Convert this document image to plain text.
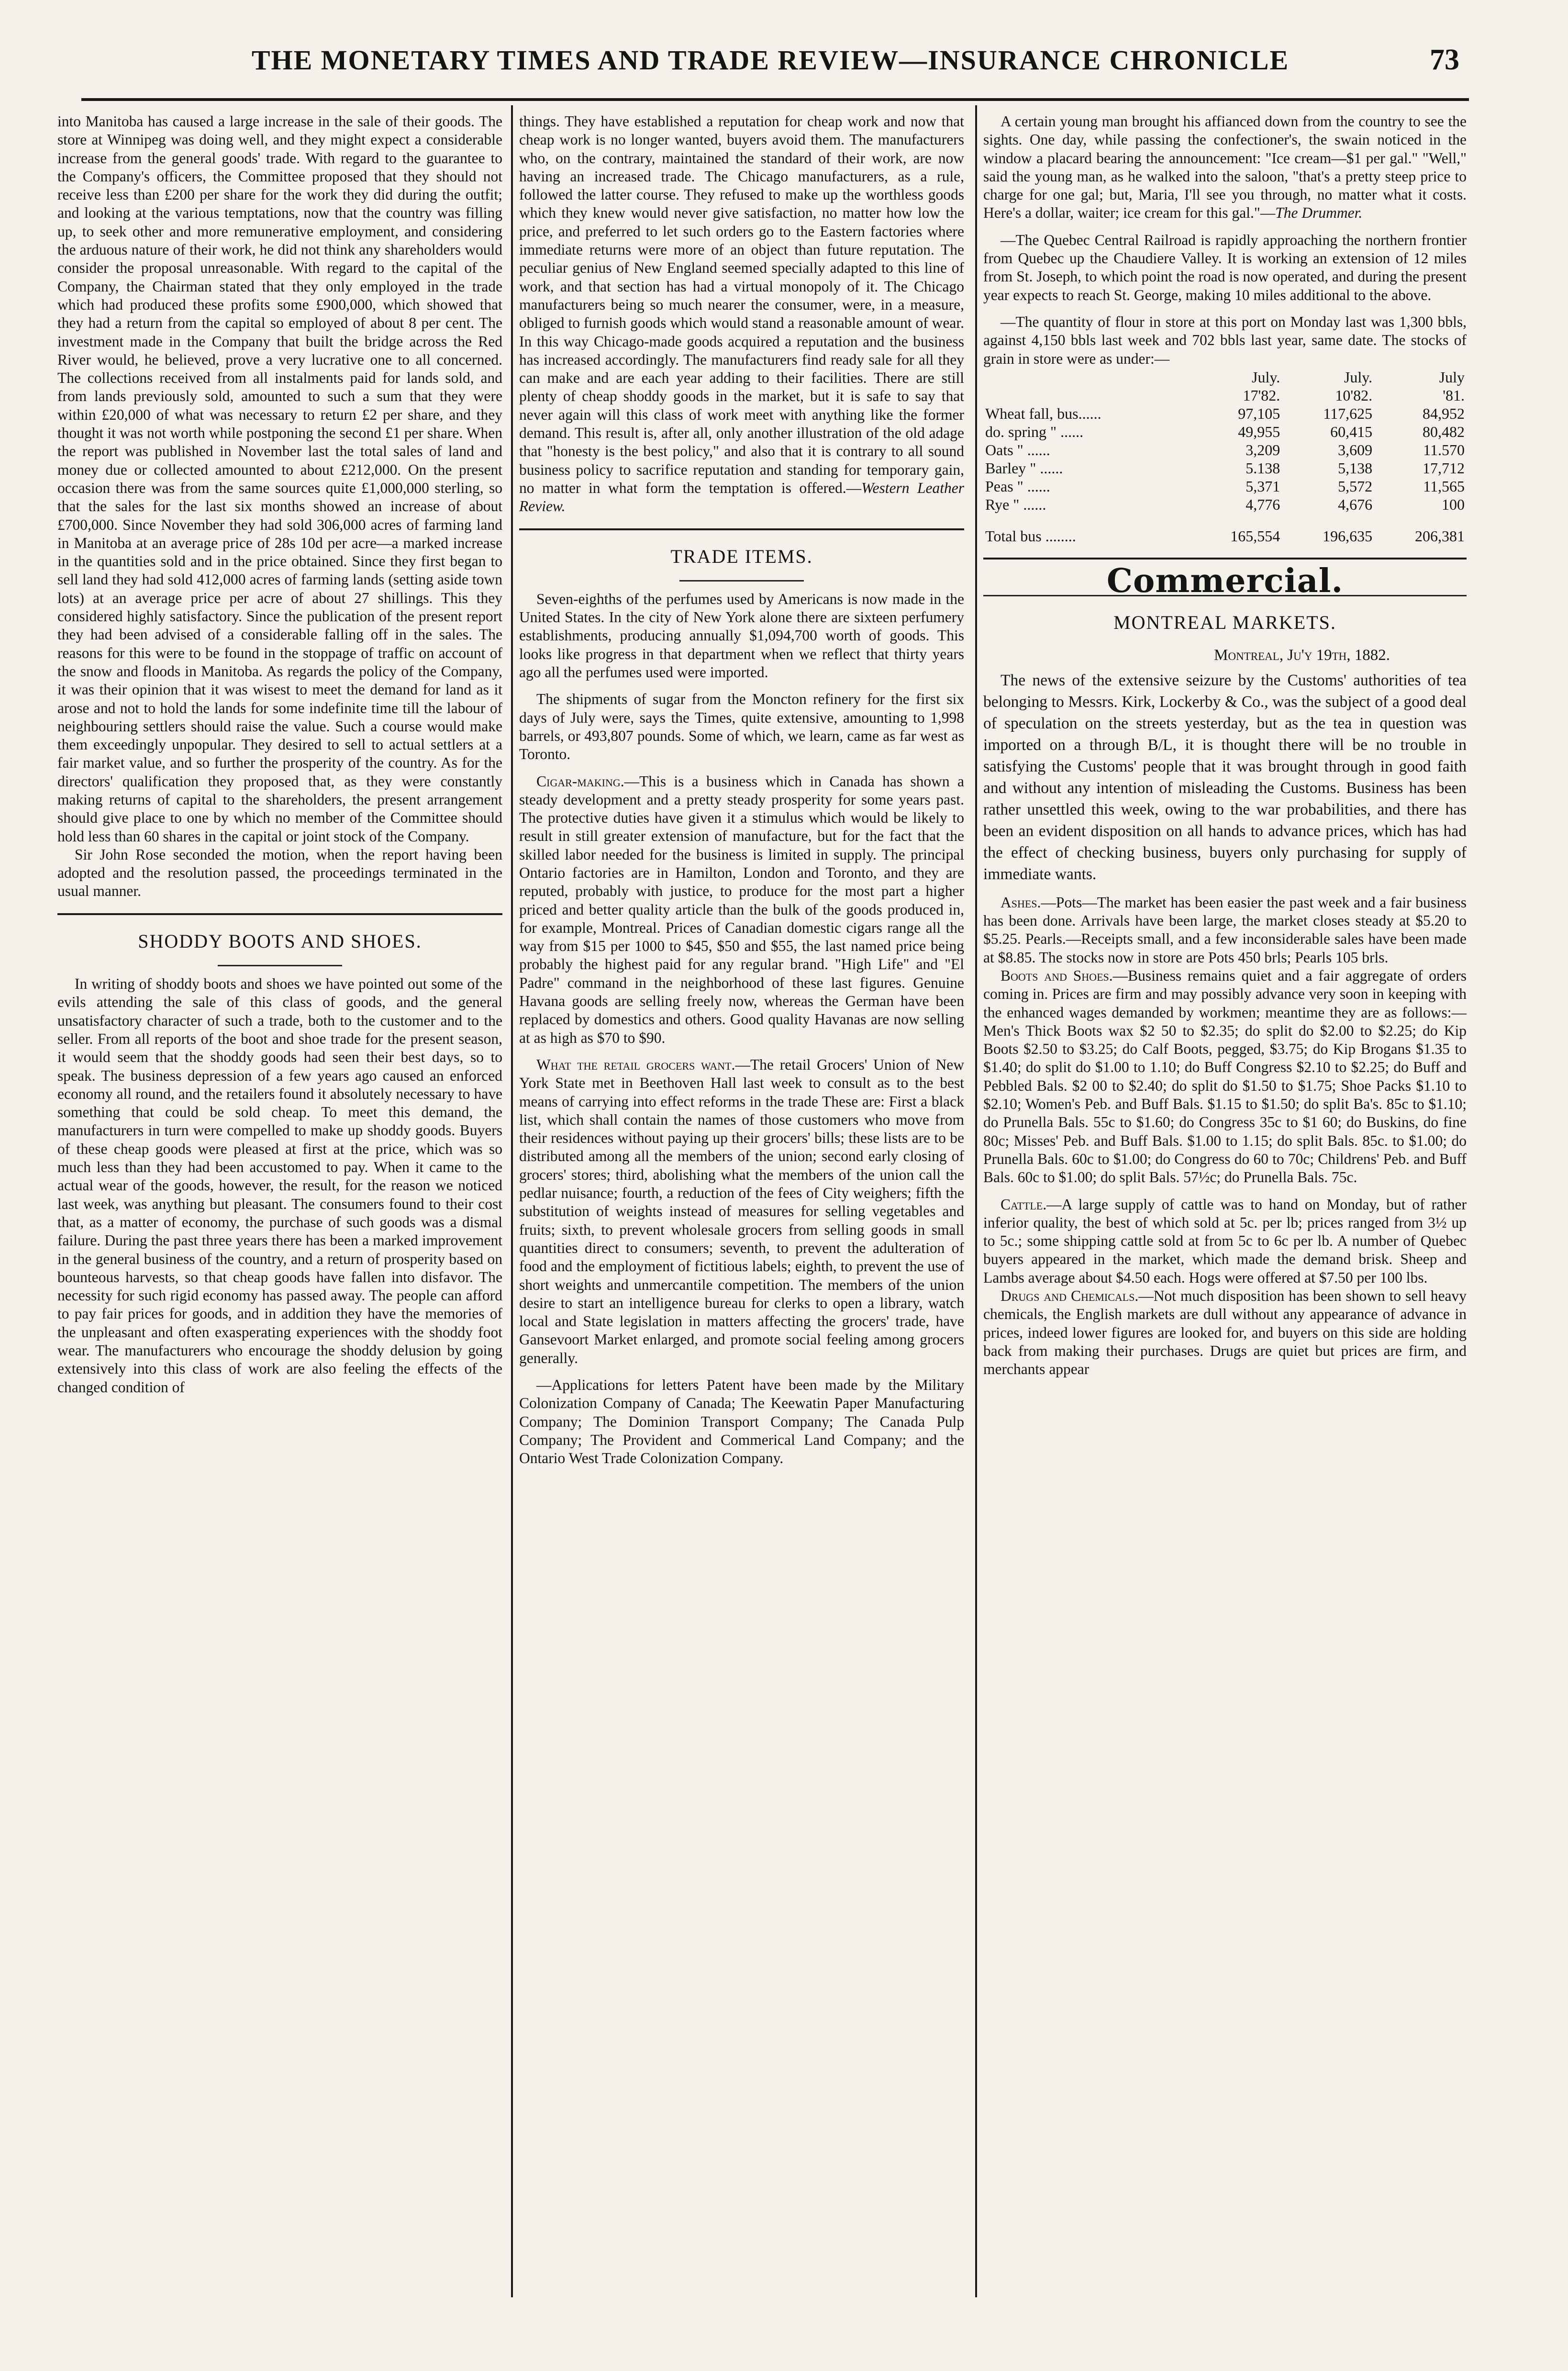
THE MONETARY TIMES AND TRADE REVIEW—INSURANCE CHRONICLE	73

into Manitoba has caused a large increase in the sale of their goods. The store at Winnipeg was doing well, and they might expect a considerable increase from the general goods' trade. With regard to the guarantee to the Company's officers, the Committee proposed that they should not receive less than £200 per share for the work they did during the outfit; and looking at the various temptations, now that the country was filling up, to seek other and more remunerative employment, and considering the arduous nature of their work, he did not think any shareholders would consider the proposal unreasonable. With regard to the capital of the Company, the Chairman stated that they only employed in the trade which had produced these profits some £900,000, which showed that they had a return from the capital so employed of about 8 per cent. The investment made in the Company that built the bridge across the Red River would, he believed, prove a very lucrative one to all concerned. The collections received from all instalments paid for lands sold, and from lands previously sold, amounted to such a sum that they were within £20,000 of what was necessary to return £2 per share, and they thought it was not worth while postponing the second £1 per share. When the report was published in November last the total sales of land and money due or collected amounted to about £212,000. On the present occasion there was from the same sources quite £1,000,000 sterling, so that the sales for the last six months showed an increase of about £700,000. Since November they had sold 306,000 acres of farming land in Manitoba at an average price of 28s 10d per acre—a marked increase in the quantities sold and in the price obtained. Since they first began to sell land they had sold 412,000 acres of farming lands (setting aside town lots) at an average price per acre of about 27 shillings. This they considered highly satisfactory. Since the publication of the present report they had been advised of a considerable falling off in the sales. The reasons for this were to be found in the stoppage of traffic on account of the snow and floods in Manitoba. As regards the policy of the Company, it was their opinion that it was wisest to meet the demand for land as it arose and not to hold the lands for some indefinite time till the labour of neighbouring settlers should raise the value. Such a course would make them exceedingly unpopular. They desired to sell to actual settlers at a fair market value, and so further the prosperity of the country. As for the directors' qualification they proposed that, as they were constantly making returns of capital to the shareholders, the present arrangement should give place to one by which no member of the Committee should hold less than 60 shares in the capital or joint stock of the Company.

Sir John Rose seconded the motion, when the report having been adopted and the resolution passed, the proceedings terminated in the usual manner.

SHODDY BOOTS AND SHOES.

In writing of shoddy boots and shoes we have pointed out some of the evils attending the sale of this class of goods, and the general unsatisfactory character of such a trade, both to the customer and to the seller. From all reports of the boot and shoe trade for the present season, it would seem that the shoddy goods had seen their best days, so to speak. The business depression of a few years ago caused an enforced economy all round, and the retailers found it absolutely necessary to have something that could be sold cheap. To meet this demand, the manufacturers in turn were compelled to make up shoddy goods. Buyers of these cheap goods were pleased at first at the price, which was so much less than they had been accustomed to pay. When it came to the actual wear of the goods, however, the result, for the reason we noticed last week, was anything but pleasant. The consumers found to their cost that, as a matter of economy, the purchase of such goods was a dismal failure. During the past three years there has been a marked improvement in the general business of the country, and a return of prosperity based on bounteous harvests, so that cheap goods have fallen into disfavor. The necessity for such rigid economy has passed away. The people can afford to pay fair prices for goods, and in addition they have the memories of the unpleasant and often exasperating experiences with the shoddy foot wear. The manufacturers who encourage the shoddy delusion by going extensively into this class of work are also feeling the effects of the changed condition of

things. They have established a reputation for cheap work and now that cheap work is no longer wanted, buyers avoid them. The manufacturers who, on the contrary, maintained the standard of their work, are now having an increased trade. The Chicago manufacturers, as a rule, followed the latter course. They refused to make up the worthless goods which they knew would never give satisfaction, no matter how low the price, and preferred to let such orders go to the Eastern factories where immediate returns were more of an object than future reputation. The peculiar genius of New England seemed specially adapted to this line of work, and that section has had a virtual monopoly of it. The Chicago manufacturers being so much nearer the consumer, were, in a measure, obliged to furnish goods which would stand a reasonable amount of wear. In this way Chicago-made goods acquired a reputation and the business has increased accordingly. The manufacturers find ready sale for all they can make and are each year adding to their facilities. There are still plenty of cheap shoddy goods in the market, but it is safe to say that never again will this class of work meet with anything like the former demand. This result is, after all, only another illustration of the old adage that "honesty is the best policy," and also that it is contrary to all sound business policy to sacrifice reputation and standing for temporary gain, no matter in what form the temptation is offered.—Western Leather Review.

TRADE ITEMS.

Seven-eighths of the perfumes used by Americans is now made in the United States. In the city of New York alone there are sixteen perfumery establishments, producing annually $1,094,700 worth of goods. This looks like progress in that department when we reflect that thirty years ago all the perfumes used were imported.

The shipments of sugar from the Moncton refinery for the first six days of July were, says the Times, quite extensive, amounting to 1,998 barrels, or 493,807 pounds. Some of which, we learn, came as far west as Toronto.

Cigar-making.—This is a business which in Canada has shown a steady development and a pretty steady prosperity for some years past. The protective duties have given it a stimulus which would be likely to result in still greater extension of manufacture, but for the fact that the skilled labor needed for the business is limited in supply. The principal Ontario factories are in Hamilton, London and Toronto, and they are reputed, probably with justice, to produce for the most part a higher priced and better quality article than the bulk of the goods produced in, for example, Montreal. Prices of Canadian domestic cigars range all the way from $15 per 1000 to $45, $50 and $55, the last named price being probably the highest paid for any regular brand. "High Life" and "El Padre" command in the neighborhood of these last figures. Genuine Havana goods are selling freely now, whereas the German have been replaced by domestics and others. Good quality Havanas are now selling at as high as $70 to $90.

What the retail grocers want.—The retail Grocers' Union of New York State met in Beethoven Hall last week to consult as to the best means of carrying into effect reforms in the trade These are: First a black list, which shall contain the names of those customers who move from their residences without paying up their grocers' bills; these lists are to be distributed among all the members of the union; second early closing of grocers' stores; third, abolishing what the members of the union call the pedlar nuisance; fourth, a reduction of the fees of City weighers; fifth the substitution of weights instead of measures for selling vegetables and fruits; sixth, to prevent wholesale grocers from selling goods in small quantities direct to consumers; seventh, to prevent the adulteration of food and the employment of fictitious labels; eighth, to prevent the use of short weights and unmercantile competition. The members of the union desire to start an intelligence bureau for clerks to open a library, watch local and State legislation in matters affecting the grocers' trade, have Gansevoort Market enlarged, and promote social feeling among grocers generally.

—Applications for letters Patent have been made by the Military Colonization Company of Canada; The Keewatin Paper Manufacturing Company; The Dominion Transport Company; The Canada Pulp Company; The Provident and Commerical Land Company; and the Ontario West Trade Colonization Company.

A certain young man brought his affianced down from the country to see the sights. One day, while passing the confectioner's, the swain noticed in the window a placard bearing the announcement: "Ice cream—$1 per gal." "Well," said the young man, as he walked into the saloon, "that's a pretty steep price to charge for one gal; but, Maria, I'll see you through, no matter what it costs. Here's a dollar, waiter; ice cream for this gal."—The Drummer.

—The Quebec Central Railroad is rapidly approaching the northern frontier from Quebec up the Chaudiere Valley. It is working an extension of 12 miles from St. Joseph, to which point the road is now operated, and during the present year expects to reach St. George, making 10 miles additional to the above.

—The quantity of flour in store at this port on Monday last was 1,300 bbls, against 4,150 bbls last week and 702 bbls last year, same date. The stocks of grain in store were as under:—

	July.	July.	July
	17'82.	10'82.	'81.
Wheat fall, bus......	97,105	117,625	84,952
do. spring " ......	49,955	60,415	80,482
Oats " ......	3,209	3,609	11.570
Barley " ......	5.138	5,138	17,712
Peas " ......	5,371	5,572	11,565
Rye " ......	4,776	4,676	100
Total bus ........	165,554	196,635	206,381
Commercial.
MONTREAL MARKETS.

Montreal, Ju'y 19th, 1882.

The news of the extensive seizure by the Customs' authorities of tea belonging to Messrs. Kirk, Lockerby & Co., was the subject of a good deal of speculation on the streets yesterday, but as the tea in question was imported on a through B/L, it is thought there will be no trouble in satisfying the Customs' people that it was brought through in good faith and without any intention of misleading the Customs. Business has been rather unsettled this week, owing to the war probabilities, and there has been an evident disposition on all hands to advance prices, which has had the effect of checking business, buyers only purchasing for supply of immediate wants.

Ashes.—Pots—The market has been easier the past week and a fair business has been done. Arrivals have been large, the market closes steady at $5.20 to $5.25. Pearls.—Receipts small, and a few inconsiderable sales have been made at $8.85. The stocks now in store are Pots 450 brls; Pearls 105 brls.

Boots and Shoes.—Business remains quiet and a fair aggregate of orders coming in. Prices are firm and may possibly advance very soon in keeping with the enhanced wages demanded by workmen; meantime they are as follows:— Men's Thick Boots wax $2 50 to $2.35; do split do $2.00 to $2.25; do Kip Boots $2.50 to $3.25; do Calf Boots, pegged, $3.75; do Kip Brogans $1.35 to $1.40; do split do $1.00 to 1.10; do Buff Congress $2.10 to $2.25; do Buff and Pebbled Bals. $2 00 to $2.40; do split do $1.50 to $1.75; Shoe Packs $1.10 to $2.10; Women's Peb. and Buff Bals. $1.15 to $1.50; do split Ba's. 85c to $1.10; do Prunella Bals. 55c to $1.60; do Congress 35c to $1 60; do Buskins, do fine 80c; Misses' Peb. and Buff Bals. $1.00 to 1.15; do split Bals. 85c. to $1.00; do Prunella Bals. 60c to $1.00; do Congress do 60 to 70c; Childrens' Peb. and Buff Bals. 60c to $1.00; do split Bals. 57½c; do Prunella Bals. 75c.

Cattle.—A large supply of cattle was to hand on Monday, but of rather inferior quality, the best of which sold at 5c. per lb; prices ranged from 3½ up to 5c.; some shipping cattle sold at from 5c to 6c per lb. A number of Quebec buyers appeared in the market, which made the demand brisk. Sheep and Lambs average about $4.50 each. Hogs were offered at $7.50 per 100 lbs.

Drugs and Chemicals.—Not much disposition has been shown to sell heavy chemicals, the English markets are dull without any appearance of advance in prices, indeed lower figures are looked for, and buyers on this side are holding back from making their purchases. Drugs are quiet but prices are firm, and merchants appear
